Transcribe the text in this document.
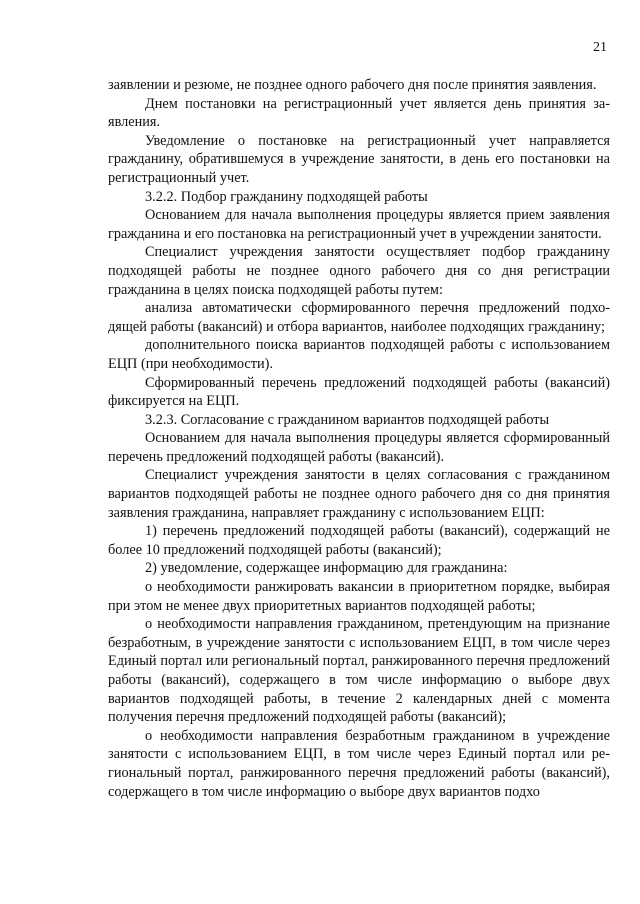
21

заявлении и резюме, не позднее одного рабочего дня после принятия заявления.

Днем постановки на регистрационный учет является день принятия заявления.

Уведомление о постановке на регистрационный учет направляется гражданину, обратившемуся в учреждение занятости, в день его постановки на регистрационный учет.

3.2.2. Подбор гражданину подходящей работы

Основанием для начала выполнения процедуры является прием заявления гражданина и его постановка на регистрационный учет в учреждении занятости.

Специалист учреждения занятости осуществляет подбор гражданину подходящей работы не позднее одного рабочего дня со дня регистрации гражданина в целях поиска подходящей работы путем:

анализа автоматически сформированного перечня предложений подходящей работы (вакансий) и отбора вариантов, наиболее подходящих гражданину;

дополнительного поиска вариантов подходящей работы с использованием ЕЦП (при необходимости).

Сформированный перечень предложений подходящей работы (вакансий) фиксируется на ЕЦП.

3.2.3. Согласование с гражданином вариантов подходящей работы

Основанием для начала выполнения процедуры является сформированный перечень предложений подходящей работы (вакансий).

Специалист учреждения занятости в целях согласования с гражданином вариантов подходящей работы не позднее одного рабочего дня со дня принятия заявления гражданина, направляет гражданину с использованием ЕЦП:

1) перечень предложений подходящей работы (вакансий), содержащий не более 10 предложений подходящей работы (вакансий);

2) уведомление, содержащее информацию для гражданина:

о необходимости ранжировать вакансии в приоритетном порядке, выбирая при этом не менее двух приоритетных вариантов подходящей работы;

о необходимости направления гражданином, претендующим на признание безработным, в учреждение занятости с использованием ЕЦП, в том числе через Единый портал или региональный портал, ранжированного перечня предложений работы (вакансий), содержащего в том числе информацию о выборе двух вариантов подходящей работы, в течение 2 календарных дней с момента получения перечня предложений подходящей работы (вакансий);

о необходимости направления безработным гражданином в учреждение занятости с использованием ЕЦП, в том числе через Единый портал или региональный портал, ранжированного перечня предложений работы (вакансий), содержащего в том числе информацию о выборе двух вариантов подхо
